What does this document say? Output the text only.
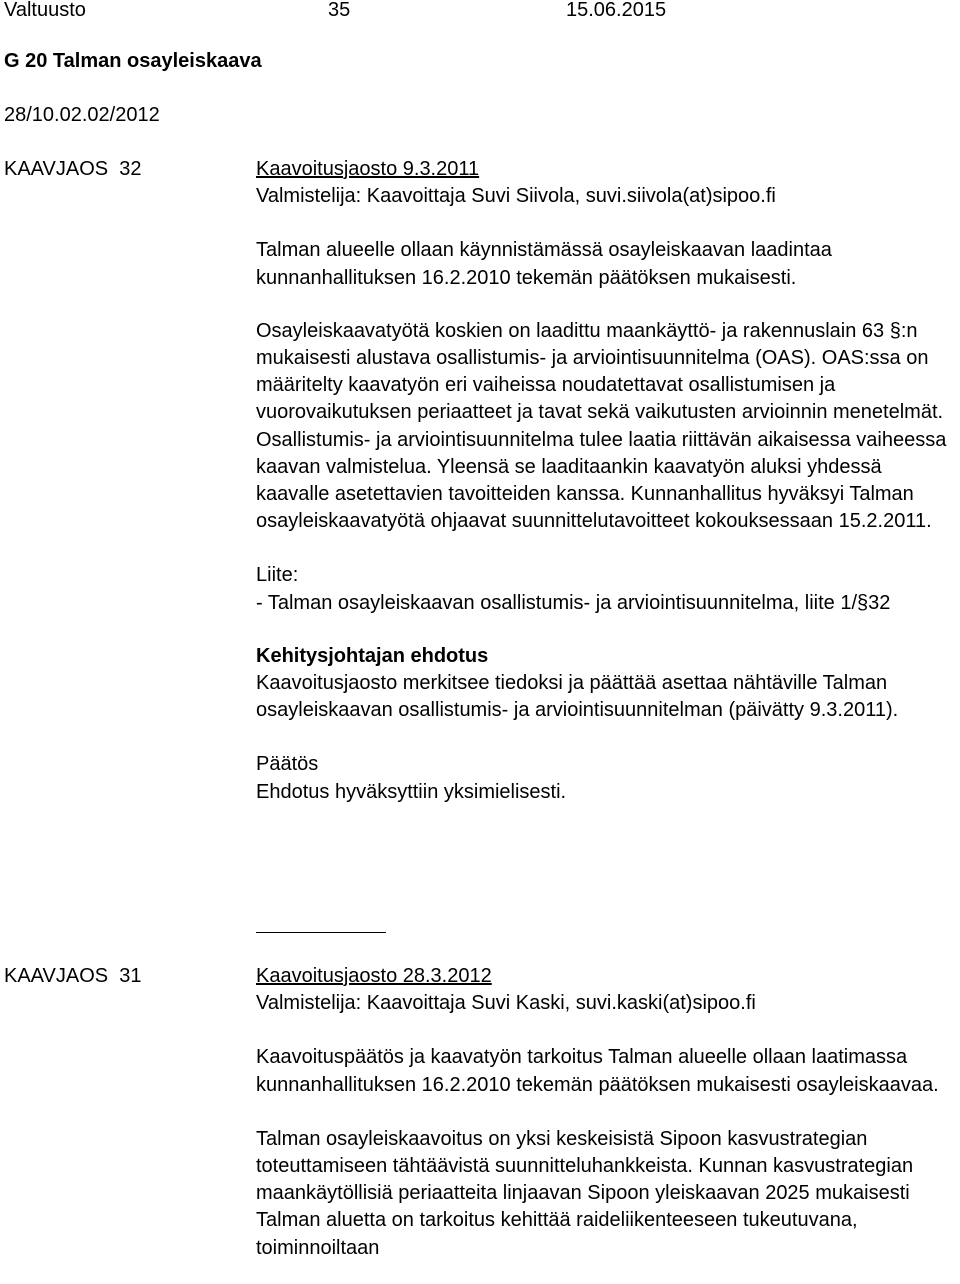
Valtuusto	35	15.06.2015
G 20 Talman osayleiskaava
28/10.02.02/2012
KAAVJAOS  32	Kaavoitusjaosto 9.3.2011

Valmistelija: Kaavoittaja Suvi Siivola, suvi.siivola(at)sipoo.fi

Talman alueelle ollaan käynnistämässä osayleiskaavan laadintaa kunnanhallituksen 16.2.2010 tekemän päätöksen mukaisesti.

Osayleiskaavatyötä koskien on laadittu maankäyttö- ja rakennuslain 63 §:n mukaisesti alustava osallistumis- ja arviointisuunnitelma (OAS). OAS:ssa on määritelty kaavatyön eri vaiheissa noudatettavat osallistumisen ja vuorovaikutuksen periaatteet ja tavat sekä vaikutusten arvioinnin menetelmät. Osallistumis- ja arviointisuunnitelma tulee laatia riittävän aikaisessa vaiheessa kaavan valmistelua. Yleensä se laaditaankin kaavatyön aluksi yhdessä kaavalle asetettavien tavoitteiden kanssa. Kunnanhallitus hyväksyi Talman osayleiskaavatyötä ohjaavat suunnittelutavoitteet kokouksessaan 15.2.2011.

Liite:

- Talman osayleiskaavan osallistumis- ja arviointisuunnitelma, liite 1/§32

Kehitysjohtajan ehdotus

Kaavoitusjaosto merkitsee tiedoksi ja päättää asettaa nähtäville Talman osayleiskaavan osallistumis- ja arviointisuunnitelman (päivätty 9.3.2011).

Päätös

Ehdotus hyväksyttiin yksimielisesti.

KAAVJAOS  31	Kaavoitusjaosto 28.3.2012

Valmistelija: Kaavoittaja Suvi Kaski, suvi.kaski(at)sipoo.fi

Kaavoituspäätös ja kaavatyön tarkoitus Talman alueelle ollaan laatimassa kunnanhallituksen 16.2.2010 tekemän päätöksen mukaisesti osayleiskaavaa.

Talman osayleiskaavoitus on yksi keskeisistä Sipoon kasvustrategian toteuttamiseen tähtäävistä suunnitteluhankkeista. Kunnan kasvustrategian maankäytöllisiä periaatteita linjaavan Sipoon yleiskaavan 2025 mukaisesti Talman aluetta on tarkoitus kehittää raideliikenteeseen tukeutuvana, toiminnoiltaan
